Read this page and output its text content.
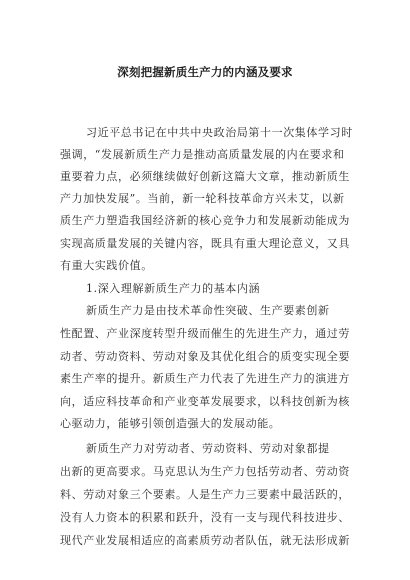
深刻把握新质生产力的内涵及要求
习近平总书记在中共中央政治局第十一次集体学习时
强调，“发展新质生产力是推动高质量发展的内在要求和
重要着力点，必须继续做好创新这篇大文章，推动新质生
产力加快发展”。当前，新一轮科技革命方兴未艾，以新
质生产力塑造我国经济新的核心竞争力和发展新动能成为
实现高质量发展的关键内容，既具有重大理论意义，又具
有重大实践价值。
1.深入理解新质生产力的基本内涵
新质生产力是由技术革命性突破、生产要素创新
性配置、产业深度转型升级而催生的先进生产力，通过劳
动者、劳动资料、劳动对象及其优化组合的质变实现全要
素生产率的提升。新质生产力代表了先进生产力的演进方
向，适应科技革命和产业变革发展要求，以科技创新为核
心驱动力，能够引领创造强大的发展动能。
新质生产力对劳动者、劳动资料、劳动对象都提
出新的更高要求。马克思认为生产力包括劳动者、劳动资
料、劳动对象三个要素。人是生产力三要素中最活跃的，
没有人力资本的积累和跃升，没有一支与现代科技进步、
现代产业发展相适应的高素质劳动者队伍，就无法形成新
